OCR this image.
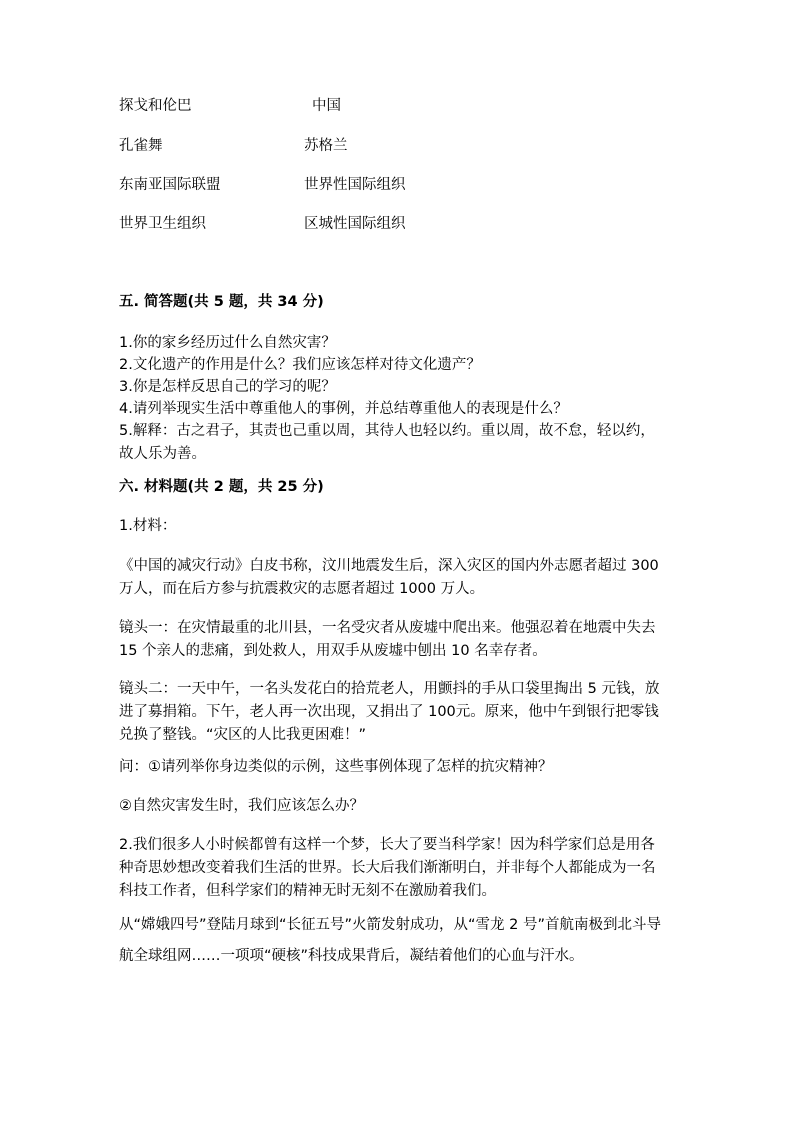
探戈和伦巴	中国
孔雀舞	苏格兰
东南亚国际联盟	世界性国际组织
世界卫生组织	区城性国际组织
五. 简答题(共 5 题，共 34 分)
1.你的家乡经历过什么自然灾害？
2.文化遗产的作用是什么？我们应该怎样对待文化遗产？
3.你是怎样反思自己的学习的呢？
4.请列举现实生活中尊重他人的事例，并总结尊重他人的表现是什么？
5.解释：古之君子，其责也己重以周，其待人也轻以约。重以周，故不怠，轻以约，故人乐为善。
六. 材料题(共 2 题，共 25 分)
1.材料：
《中国的减灾行动》白皮书称，汶川地震发生后，深入灾区的国内外志愿者超过 300 万人，而在后方参与抗震救灾的志愿者超过 1000 万人。
镜头一：在灾情最重的北川县，一名受灾者从废墟中爬出来。他强忍着在地震中失去 15 个亲人的悲痛，到处救人，用双手从废墟中刨出 10 名幸存者。
镜头二：一天中午，一名头发花白的拾荒老人，用颤抖的手从口袋里掏出 5 元钱，放进了募捐箱。下午，老人再一次出现，又捐出了 100元。原来，他中午到银行把零钱兑换了整钱。“灾区的人比我更困难！”
问：①请列举你身边类似的示例，这些事例体现了怎样的抗灾精神？
②自然灾害发生时，我们应该怎么办？
2.我们很多人小时候都曾有这样一个梦，长大了要当科学家！因为科学家们总是用各种奇思妙想改变着我们生活的世界。长大后我们渐渐明白，并非每个人都能成为一名科技工作者，但科学家们的精神无时无刻不在激励着我们。
从“嫦娥四号”登陆月球到“长征五号”火箭发射成功，从“雪龙 2 号”首航南极到北斗导航全球组网……一项项“硬核”科技成果背后，凝结着他们的心血与汗水。
